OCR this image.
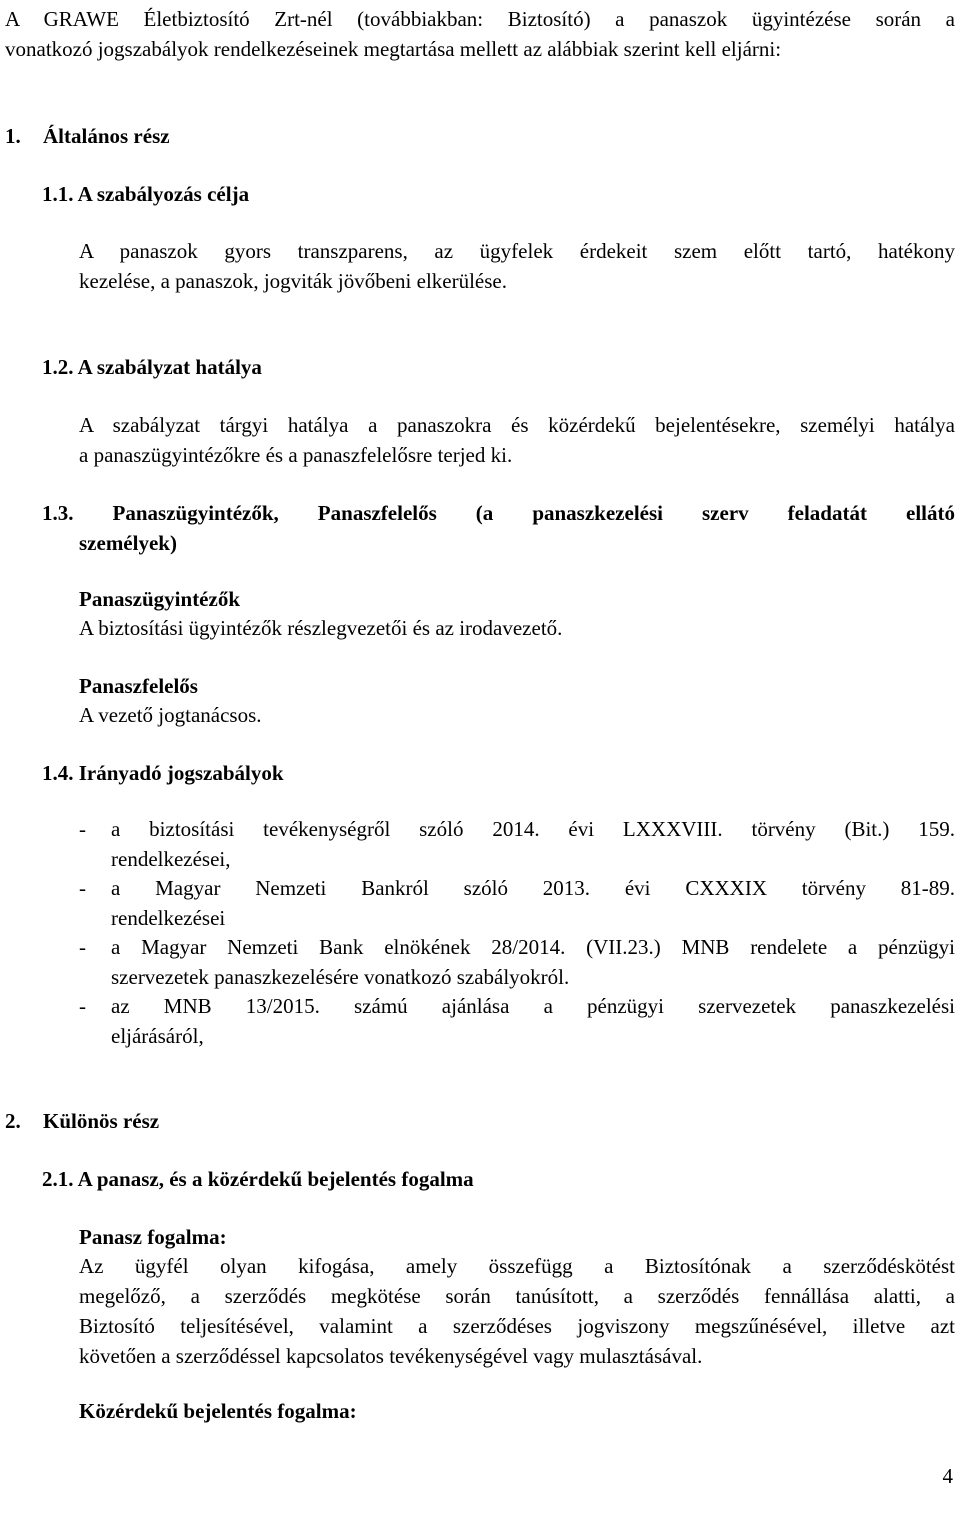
A GRAWE Életbiztosító Zrt-nél (továbbiakban: Biztosító) a panaszok ügyintézése során a
vonatkozó jogszabályok rendelkezéseinek megtartása mellett az alábbiak szerint kell eljárni:
1. Általános rész
1.1. A szabályozás célja
A panaszok gyors transzparens, az ügyfelek érdekeit szem előtt tartó, hatékony
kezelése, a panaszok, jogviták jövőbeni elkerülése.
1.2. A szabályzat hatálya
A szabályzat tárgyi hatálya a panaszokra és közérdekű bejelentésekre, személyi hatálya
a panaszügyintézőkre és a panaszfelelősre terjed ki.
1.3. Panaszügyintézők, Panaszfelelős (a panaszkezelési szerv feladatát ellátó
személyek)
Panaszügyintézők
A biztosítási ügyintézők részlegvezetői és az irodavezető.
Panaszfelelős
A vezető jogtanácsos.
1.4. Irányadó jogszabályok
- a biztosítási tevékenységről szóló 2014. évi LXXXVIII. törvény (Bit.) 159.
rendelkezései,
- a Magyar Nemzeti Bankról szóló 2013. évi CXXXIX törvény 81-89.
rendelkezései
- a Magyar Nemzeti Bank elnökének 28/2014. (VII.23.) MNB rendelete a pénzügyi
szervezetek panaszkezelésére vonatkozó szabályokról.
- az MNB 13/2015. számú ajánlása a pénzügyi szervezetek panaszkezelési
eljárásáról,
2. Különös rész
2.1. A panasz, és a közérdekű bejelentés fogalma
Panasz fogalma:
Az ügyfél olyan kifogása, amely összefügg a Biztosítónak a szerződéskötést
megelőző, a szerződés megkötése során tanúsított, a szerződés fennállása alatti, a
Biztosító teljesítésével, valamint a szerződéses jogviszony megszűnésével, illetve azt
követően a szerződéssel kapcsolatos tevékenységével vagy mulasztásával.
Közérdekű bejelentés fogalma:
4
